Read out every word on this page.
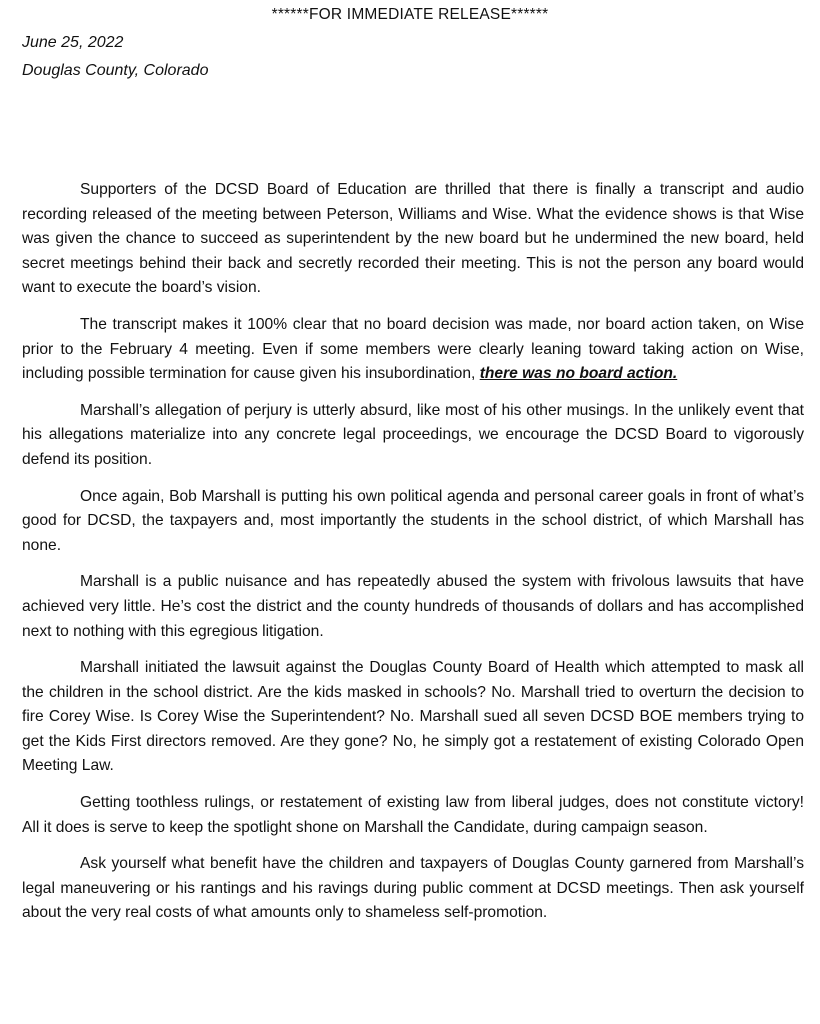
******FOR IMMEDIATE RELEASE******
June 25, 2022
Douglas County, Colorado

Supporters of the DCSD Board of Education are thrilled that there is finally a transcript and audio recording released of the meeting between Peterson, Williams and Wise. What the evidence shows is that Wise was given the chance to succeed as superintendent by the new board but he undermined the new board, held secret meetings behind their back and secretly recorded their meeting. This is not the person any board would want to execute the board’s vision.

The transcript makes it 100% clear that no board decision was made, nor board action taken, on Wise prior to the February 4 meeting. Even if some members were clearly leaning toward taking action on Wise, including possible termination for cause given his insubordination, there was no board action.

Marshall’s allegation of perjury is utterly absurd, like most of his other musings. In the unlikely event that his allegations materialize into any concrete legal proceedings, we encourage the DCSD Board to vigorously defend its position.

Once again, Bob Marshall is putting his own political agenda and personal career goals in front of what’s good for DCSD, the taxpayers and, most importantly the students in the school district, of which Marshall has none.

Marshall is a public nuisance and has repeatedly abused the system with frivolous lawsuits that have achieved very little. He’s cost the district and the county hundreds of thousands of dollars and has accomplished next to nothing with this egregious litigation.

Marshall initiated the lawsuit against the Douglas County Board of Health which attempted to mask all the children in the school district. Are the kids masked in schools? No. Marshall tried to overturn the decision to fire Corey Wise. Is Corey Wise the Superintendent? No. Marshall sued all seven DCSD BOE members trying to get the Kids First directors removed. Are they gone? No, he simply got a restatement of existing Colorado Open Meeting Law.

Getting toothless rulings, or restatement of existing law from liberal judges, does not constitute victory! All it does is serve to keep the spotlight shone on Marshall the Candidate, during campaign season.

Ask yourself what benefit have the children and taxpayers of Douglas County garnered from Marshall’s legal maneuvering or his rantings and his ravings during public comment at DCSD meetings. Then ask yourself about the very real costs of what amounts only to shameless self-promotion.
